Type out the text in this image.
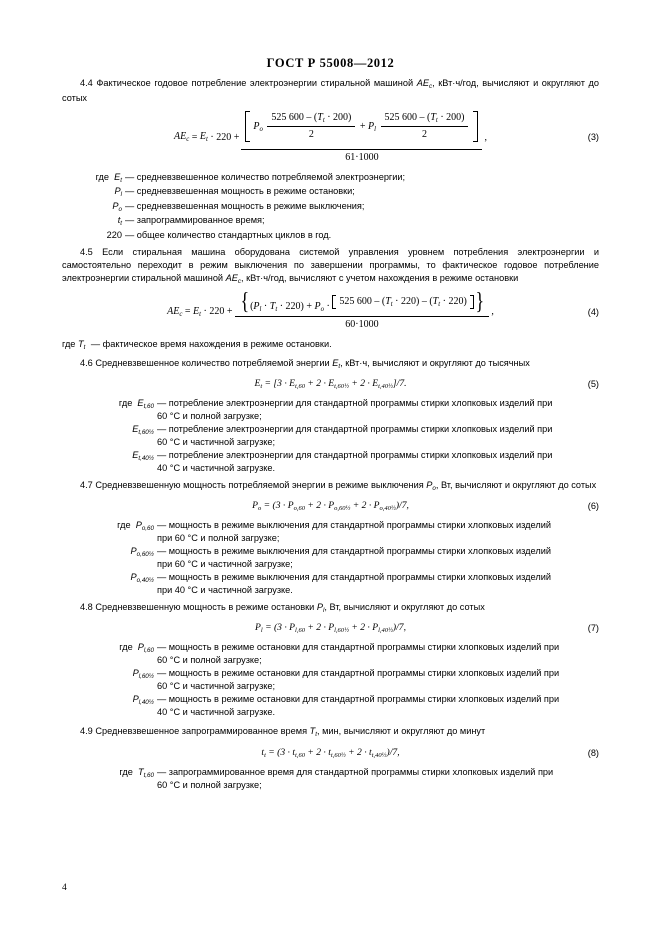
ГОСТ Р 55008—2012

4.4 Фактическое годовое потребление электроэнергии стиральной машиной $AE_c$, кВт·ч/год, вычисляют и округляют до сотых

$AE_c = E_t \cdot 220$ +
$P_o \frac{525 600 - (T_t \cdot 200)}{2} + P_l \frac{525 600 - (T_t \cdot 200)}{2}$
61·1000
,	(3)
где  $E_t$ — средневзвешенное количество потребляемой электроэнергии;
$P_l$ — средневзвешенная мощность в режиме остановки;
$P_o$ — средневзвешенная мощность в режиме выключения;
$t_t$ — запрограммированное время;
220 — общее количество стандартных циклов в год.

4.5 Если стиральная машина оборудована системой управления уровнем потребления электроэнергии и самостоятельно переходит в режим выключения по завершении программы, то фактическое годовое потребление электроэнергии стиральной машиной $AE_c$, кВт·ч/год, вычисляют с учетом нахождения в режиме остановки

$AE_c = E_t \cdot 220 + \{(P_l \cdot T_t \cdot 220) + P_o$ ·
525 $600 - (T_t \cdot 220) - (T_t \cdot 220)$ }
60·1000
,	(4)
где $T_t$ — фактическое время нахождения в режиме остановки.

4.6 Средневзвешенное количество потребляемой энергии $E_t$, кВт·ч, вычисляют и округляют до тысячных

$E_t = [3 \cdot E_{t,60} + 2 \cdot E_{t,60\frac{1}{2}} + 2 \cdot E_{t,40\frac{1}{2}}]/7$.	(5)
где  $E_{t,60}$ — потребление электроэнергии для стандартной программы стирки хлопковых изделий при
60 °С и полной загрузке;
$E_{t,60\frac{1}{2}}$ — потребление электроэнергии для стандартной программы стирки хлопковых изделий при
60 °С и частичной загрузке;
$E_{t,40\frac{1}{2}}$ — потребление электроэнергии для стандартной программы стирки хлопковых изделий при
40 °С и частичной загрузке.

4.7 Средневзвешенную мощность потребляемой энергии в режиме выключения $P_o$, Вт, вычисляют и округляют до сотых

$P_o = (3 \cdot P_{o,60} + 2 \cdot P_{o,60\frac{1}{2}} + 2 \cdot P_{o,40\frac{1}{2}})/7$,	(6)
где  $P_{o,60}$ — мощность в режиме выключения для стандартной программы стирки хлопковых изделий
при 60 °С и полной загрузке;
$P_{o,60\frac{1}{2}}$ — мощность в режиме выключения для стандартной программы стирки хлопковых изделий
при 60 °С и частичной загрузке;
$P_{o,40\frac{1}{2}}$ — мощность в режиме выключения для стандартной программы стирки хлопковых изделий
при 40 °С и частичной загрузке.

4.8 Средневзвешенную мощность в режиме остановки $P_l$, Вт, вычисляют и округляют до сотых

$P_l = (3 \cdot P_{l,60} + 2 \cdot P_{l,60\frac{1}{2}} + 2 \cdot P_{l,40\frac{1}{2}})/7$,	(7)
где  $P_{l,60}$ — мощность в режиме остановки для стандартной программы стирки хлопковых изделий при
60 °С и полной загрузке;
$P_{l,60\frac{1}{2}}$ — мощность в режиме остановки для стандартной программы стирки хлопковых изделий при
60 °С и частичной загрузке;
$P_{l,40\frac{1}{2}}$ — мощность в режиме остановки для стандартной программы стирки хлопковых изделий при
40 °С и частичной загрузке.

4.9 Средневзвешенное запрограммированное время $T_t$, мин, вычисляют и округляют до минут

$t_t = (3 \cdot t_{t,60} + 2 \cdot t_{t,60\frac{1}{2}} + 2 \cdot t_{t,40\frac{1}{2}})/7$,	(8)
где  $T_{t,60}$ — запрограммированное время для стандартной программы стирки хлопковых изделий при
60 °С и полной загрузке;
4
